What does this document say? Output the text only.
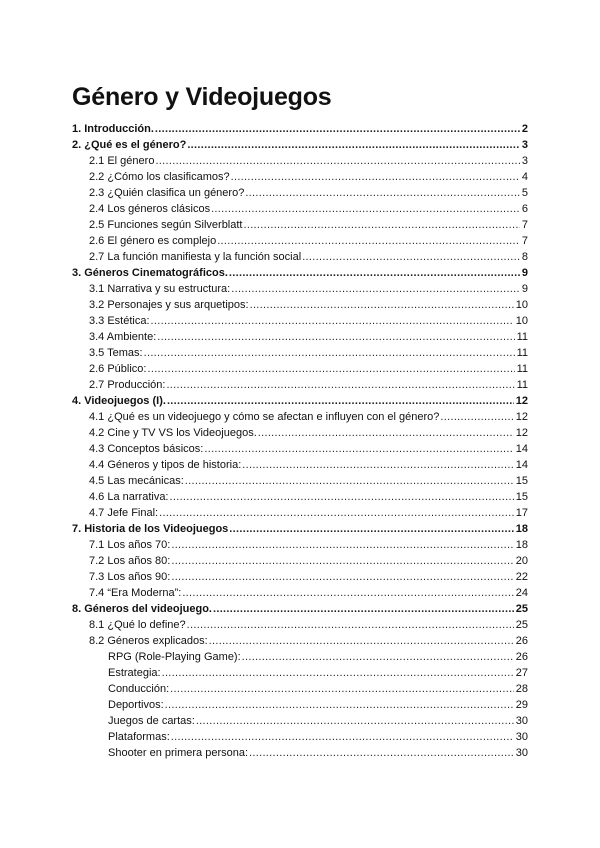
Género y Videojuegos
1. Introducción. .....	2
2. ¿Qué es el género? .....	3
2.1 El género .....	3
2.2 ¿Cómo los clasificamos? .....	4
2.3 ¿Quién clasifica un género? .....	5
2.4 Los géneros clásicos .....	6
2.5 Funciones según Silverblatt .....	7
2.6 El género es complejo .....	7
2.7 La función manifiesta y la función social .....	8
3. Géneros Cinematográficos. .....	9
3.1 Narrativa y su estructura: .....	9
3.2 Personajes y sus arquetipos: .....	10
3.3 Estética: .....	10
3.4 Ambiente: .....	11
3.5 Temas: .....	11
2.6 Público: .....	11
2.7 Producción: .....	11
4. Videojuegos (I). .....	12
4.1 ¿Qué es un videojuego y cómo se afectan e influyen con el género? .....	12
4.2 Cine y TV VS los Videojuegos. .....	12
4.3 Conceptos básicos: .....	14
4.4 Géneros y tipos de historia: .....	14
4.5 Las mecánicas: .....	15
4.6 La narrativa: .....	15
4.7 Jefe Final: .....	17
7. Historia de los Videojuegos .....	18
7.1 Los años 70: .....	18
7.2 Los años 80: .....	20
7.3 Los años 90: .....	22
7.4 “Era Moderna”: .....	24
8. Géneros del videojuego. .....	25
8.1 ¿Qué lo define? .....	25
8.2 Géneros explicados: .....	26
RPG (Role-Playing Game): .....	26
Estrategia: .....	27
Conducción: .....	28
Deportivos: .....	29
Juegos de cartas: .....	30
Plataformas: .....	30
Shooter en primera persona: .....	30
